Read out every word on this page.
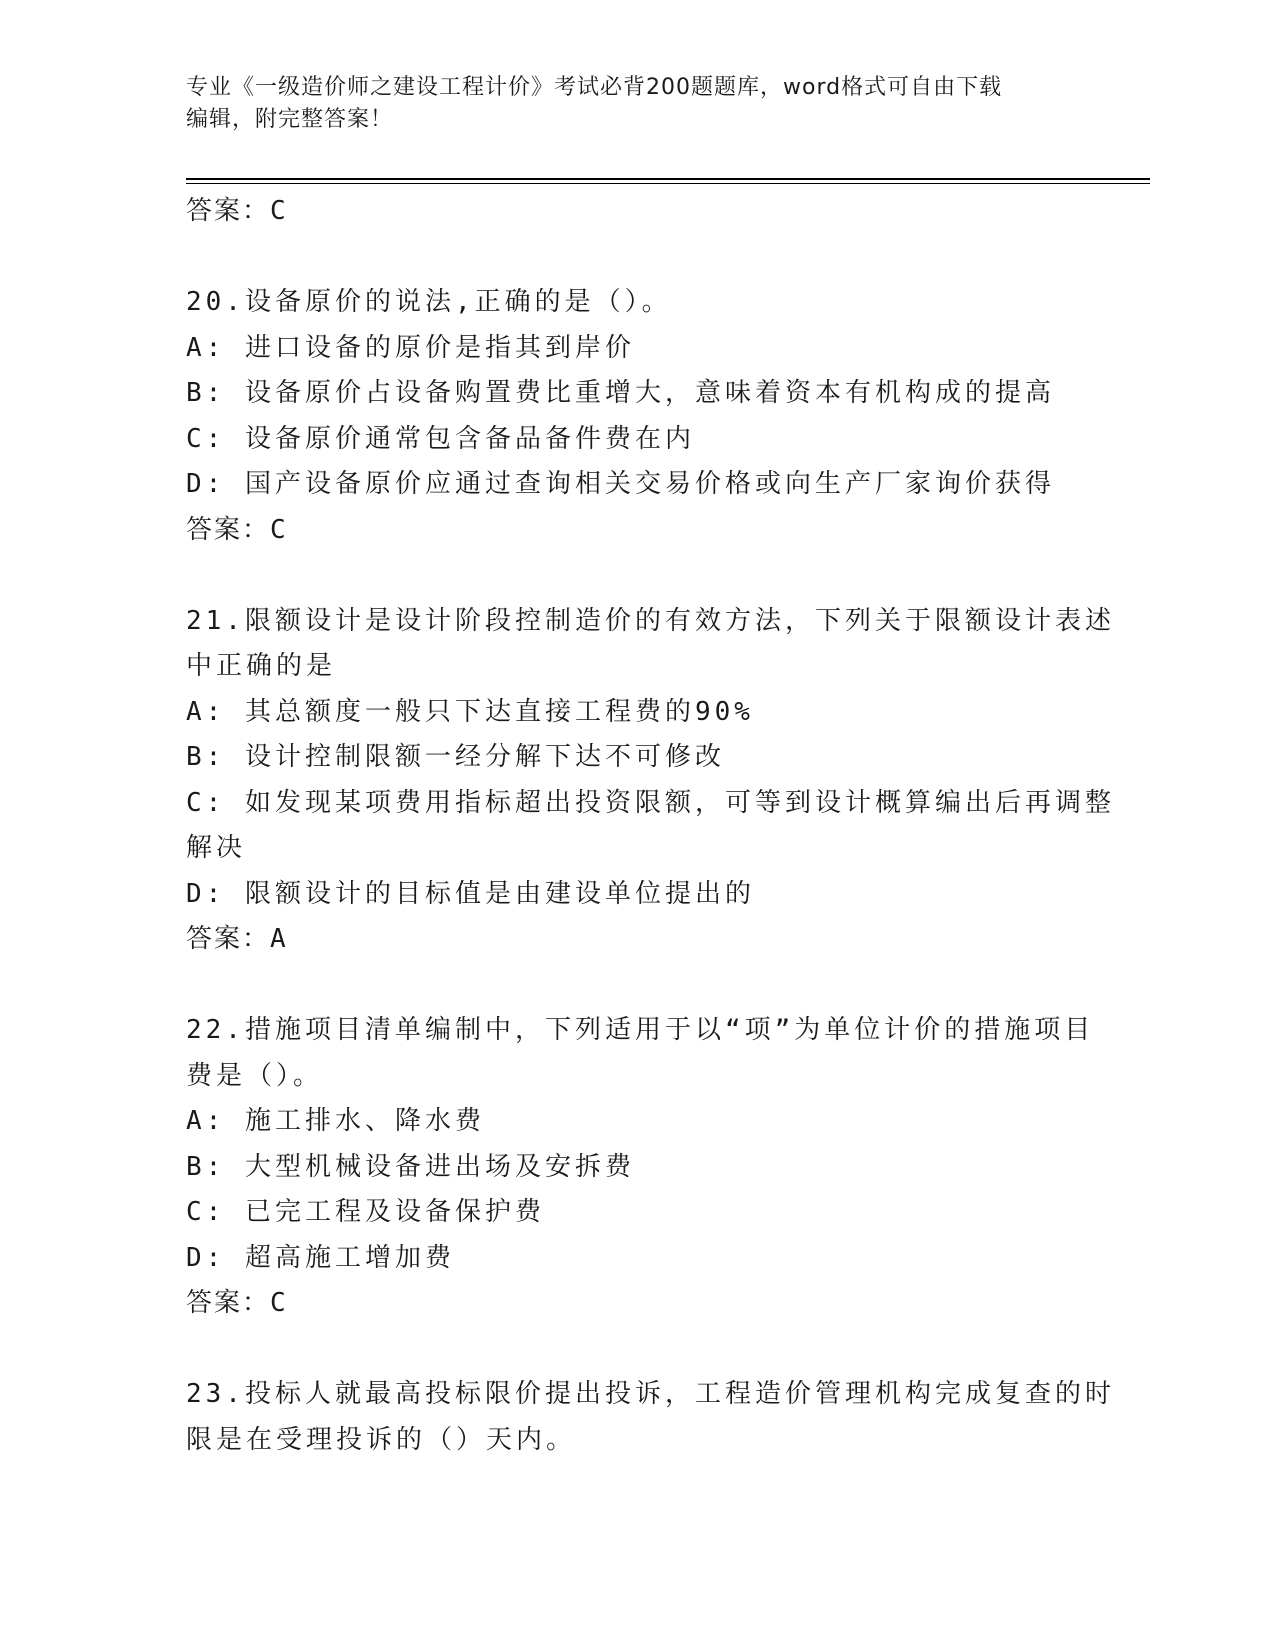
专业《一级造价师之建设工程计价》考试必背200题题库，word格式可自由下载
编辑，附完整答案！
答案：C
20.设备原价的说法,正确的是（）。
A: 进口设备的原价是指其到岸价
B: 设备原价占设备购置费比重增大，意味着资本有机构成的提高
C: 设备原价通常包含备品备件费在内
D: 国产设备原价应通过查询相关交易价格或向生产厂家询价获得
答案：C
21.限额设计是设计阶段控制造价的有效方法，下列关于限额设计表述
中正确的是
A: 其总额度一般只下达直接工程费的90%
B: 设计控制限额一经分解下达不可修改
C: 如发现某项费用指标超出投资限额，可等到设计概算编出后再调整
解决
D: 限额设计的目标值是由建设单位提出的
答案：A
22.措施项目清单编制中，下列适用于以“项”为单位计价的措施项目
费是（）。
A: 施工排水、降水费
B: 大型机械设备进出场及安拆费
C: 已完工程及设备保护费
D: 超高施工增加费
答案：C
23.投标人就最高投标限价提出投诉，工程造价管理机构完成复查的时
限是在受理投诉的（）天内。
